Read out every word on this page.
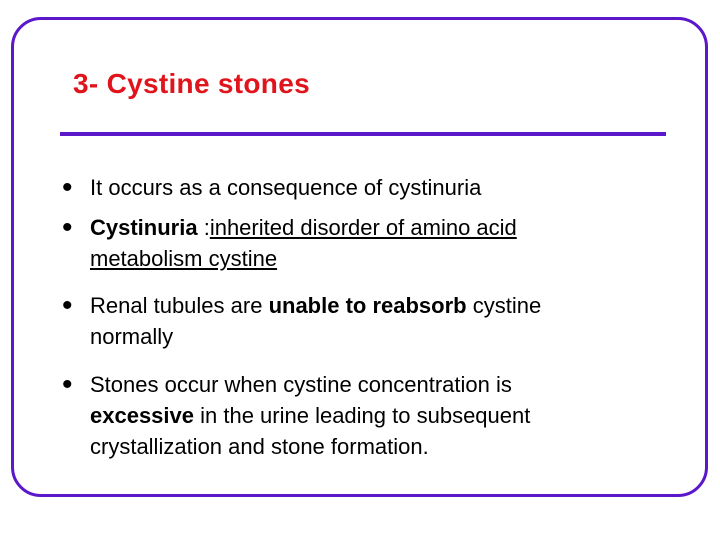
3- Cystine stones
• It occurs as a consequence of cystinuria
• Cystinuria :inherited disorder of amino acid
metabolism cystine
• Renal tubules are unable to reabsorb cystine
normally
• Stones occur when cystine concentration is
excessive in the urine leading to subsequent
crystallization and stone formation.
